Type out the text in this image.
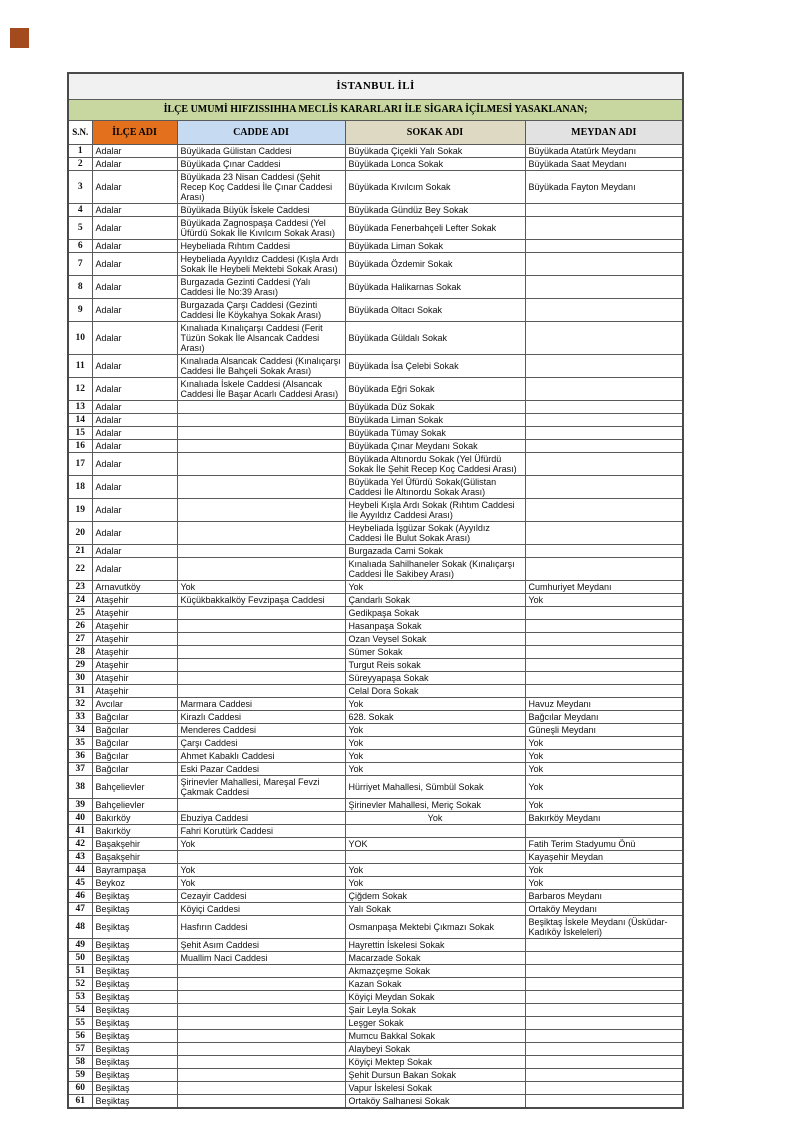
İSTANBUL İLİ				
İLÇE UMUMİ HIFZISSIHHA MECLİS KARARLARI İLE SİGARA İÇİLMESİ YASAKLANAN;				
S.N.	İLÇE ADI	CADDE ADI	SOKAK ADI	MEYDAN ADI
1	Adalar	Büyükada Gülistan Caddesi	Büyükada Çiçekli Yalı Sokak	Büyükada Atatürk Meydanı
2	Adalar	Büyükada Çınar Caddesi	Büyükada Lonca Sokak	Büyükada Saat Meydanı
3	Adalar	Büyükada 23 Nisan Caddesi (Şehit Recep Koç Caddesi İle Çınar Caddesi Arası)	Büyükada Kıvılcım Sokak	Büyükada Fayton Meydanı
4	Adalar	Büyükada Büyük İskele Caddesi	Büyükada Gündüz Bey Sokak	
5	Adalar	Büyükada Zagnospaşa Caddesi (Yel Üfürdü Sokak İle Kıvılcım Sokak Arası)	Büyükada Fenerbahçeli Lefter Sokak	
6	Adalar	Heybeliada Rıhtım Caddesi	Büyükada Liman Sokak	
7	Adalar	Heybeliada Ayyıldız Caddesi (Kışla Ardı Sokak İle Heybeli Mektebi Sokak Arası)	Büyükada Özdemir Sokak	
8	Adalar	Burgazada Gezinti Caddesi (Yalı Caddesi İle No:39 Arası)	Büyükada Halikarnas Sokak	
9	Adalar	Burgazada Çarşı Caddesi (Gezinti Caddesi İle Köykahya Sokak Arası)	Büyükada Oltacı Sokak	
10	Adalar	Kınalıada Kınalıçarşı Caddesi (Ferit Tüzün Sokak İle Alsancak Caddesi Arası)	Büyükada Güldalı Sokak	
11	Adalar	Kınalıada Alsancak Caddesi (Kınalıçarşı Caddesi İle Bahçeli Sokak Arası)	Büyükada İsa Çelebi Sokak	
12	Adalar	Kınalıada İskele Caddesi (Alsancak Caddesi İle Başar Acarlı Caddesi Arası)	Büyükada Eğri Sokak	
13	Adalar		Büyükada Düz Sokak	
14	Adalar		Büyükada Liman Sokak	
15	Adalar		Büyükada Tümay Sokak	
16	Adalar		Büyükada Çınar Meydanı Sokak	
17	Adalar		Büyükada Altınordu Sokak (Yel Üfürdü Sokak İle Şehit Recep Koç Caddesi Arası)	
18	Adalar		Büyükada Yel Üfürdü Sokak(Gülistan Caddesi İle Altınordu Sokak Arası)	
19	Adalar		Heybeli Kışla Ardı Sokak (Rıhtım Caddesi İle Ayyıldız Caddesi Arası)	
20	Adalar		Heybeliada İşgüzar Sokak (Ayyıldız Caddesi İle Bulut Sokak Arası)	
21	Adalar		Burgazada Cami Sokak	
22	Adalar		Kınalıada Sahilhaneler Sokak (Kınalıçarşı Caddesi İle Sakibey Arası)	
23	Arnavutköy	Yok	Yok	Cumhuriyet Meydanı
24	Ataşehir	Küçükbakkalköy Fevzipaşa Caddesi	Çandarlı Sokak	Yok
25	Ataşehir		Gedikpaşa Sokak	
26	Ataşehir		Hasanpaşa Sokak	
27	Ataşehir		Ozan Veysel Sokak	
28	Ataşehir		Sümer Sokak	
29	Ataşehir		Turgut Reis sokak	
30	Ataşehir		Süreyyapaşa Sokak	
31	Ataşehir		Celal Dora Sokak	
32	Avcılar	Marmara Caddesi	Yok	Havuz Meydanı
33	Bağcılar	Kirazlı Caddesi	628. Sokak	Bağcılar Meydanı
34	Bağcılar	Menderes Caddesi	Yok	Güneşli Meydanı
35	Bağcılar	Çarşı Caddesi	Yok	Yok
36	Bağcılar	Ahmet Kabaklı Caddesi	Yok	Yok
37	Bağcılar	Eski Pazar Caddesi	Yok	Yok
38	Bahçelievler	Şirinevler Mahallesi, Mareşal Fevzi Çakmak Caddesi	Hürriyet Mahallesi, Sümbül Sokak	Yok
39	Bahçelievler		Şirinevler Mahallesi, Meriç Sokak	Yok
40	Bakırköy	Ebuziya Caddesi	Yok	Bakırköy Meydanı
41	Bakırköy	Fahri Korutürk Caddesi		
42	Başakşehir	Yok	YOK	Fatih Terim Stadyumu Önü
43	Başakşehir			Kayaşehir Meydan
44	Bayrampaşa	Yok	Yok	Yok
45	Beykoz	Yok	Yok	Yok
46	Beşiktaş	Cezayir Caddesi	Çiğdem Sokak	Barbaros Meydanı
47	Beşiktaş	Köyiçi Caddesi	Yalı Sokak	Ortaköy Meydanı
48	Beşiktaş	Hasfırın Caddesi	Osmanpaşa Mektebi Çıkmazı Sokak	Beşiktaş İskele Meydanı (Üsküdar-Kadıköy İskeleleri)
49	Beşiktaş	Şehit Asım Caddesi	Hayrettin İskelesi Sokak	
50	Beşiktaş	Muallim Naci Caddesi	Macarzade Sokak	
51	Beşiktaş		Akmazçeşme Sokak	
52	Beşiktaş		Kazan Sokak	
53	Beşiktaş		Köyiçi Meydan Sokak	
54	Beşiktaş		Şair Leyla Sokak	
55	Beşiktaş		Leşger Sokak	
56	Beşiktaş		Mumcu Bakkal Sokak	
57	Beşiktaş		Alaybeyi Sokak	
58	Beşiktaş		Köyiçi Mektep Sokak	
59	Beşiktaş		Şehit Dursun Bakan Sokak	
60	Beşiktaş		Vapur İskelesi Sokak	
61	Beşiktaş		Ortaköy Salhanesi Sokak	
